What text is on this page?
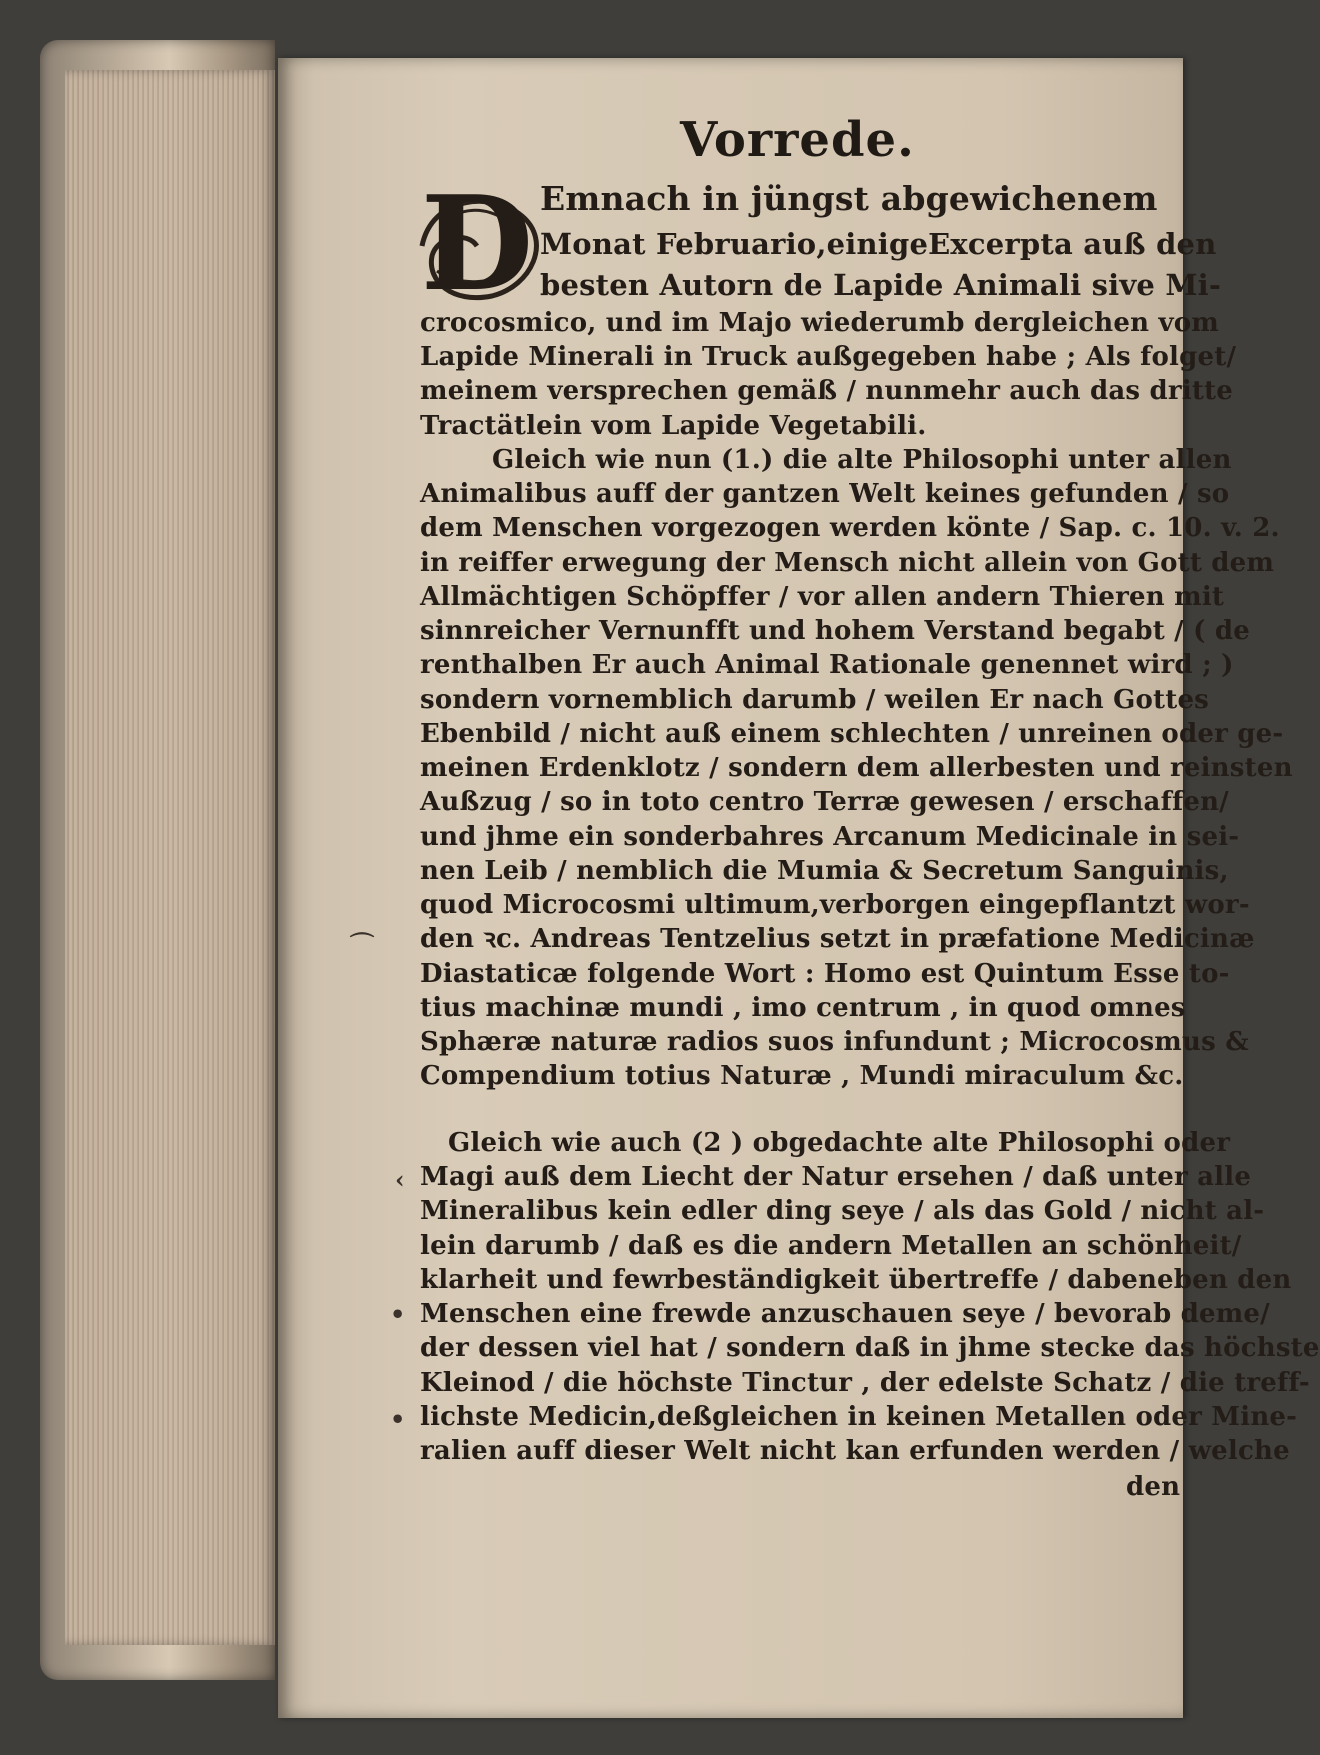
Vorrede.
D Emnach in jüngst abgewichenem

Monat Februario,einigeExcerpta auß den

besten Autorn de Lapide Animali sive Mi-

crocosmico, und im Majo wiederumb dergleichen vom

Lapide Minerali in Truck außgegeben habe ; Als folget/

meinem versprechen gemäß / nunmehr auch das dritte

Tractätlein vom Lapide Vegetabili.

Gleich wie nun (1.) die alte Philosophi unter allen

Animalibus auff der gantzen Welt keines gefunden / so

dem Menschen vorgezogen werden könte / Sap. c. 10. v. 2.

in reiffer erwegung der Mensch nicht allein von Gott dem

Allmächtigen Schöpffer / vor allen andern Thieren mit

sinnreicher Vernunfft und hohem Verstand begabt / ( de

renthalben Er auch Animal Rationale genennet wird ; )

sondern vornemblich darumb / weilen Er nach Gottes

Ebenbild / nicht auß einem schlechten / unreinen oder ge-

meinen Erdenklotz / sondern dem allerbesten und reinsten

Außzug / so in toto centro Terræ gewesen / erschaffen/

und jhme ein sonderbahres Arcanum Medicinale in sei-

nen Leib / nemblich die Mumia & Secretum Sanguinis,

quod Microcosmi ultimum,verborgen eingepflantzt wor-

den ꝛc. Andreas Tentzelius setzt in præfatione Medicinæ

Diastaticæ folgende Wort : Homo est Quintum Esse to-

tius machinæ mundi , imo centrum , in quod omnes

Sphæræ naturæ radios suos infundunt ; Microcosmus &

Compendium totius Naturæ , Mundi miraculum &c.

Gleich wie auch (2 ) obgedachte alte Philosophi oder

Magi auß dem Liecht der Natur ersehen / daß unter alle

Mineralibus kein edler ding seye / als das Gold / nicht al-

lein darumb / daß es die andern Metallen an schönheit/

klarheit und fewrbeständigkeit übertreffe / dabeneben den

Menschen eine frewde anzuschauen seye / bevorab deme/

der dessen viel hat / sondern daß in jhme stecke das höchste

Kleinod / die höchste Tinctur , der edelste Schatz / die treff-

lichste Medicin,deßgleichen in keinen Metallen oder Mine-

ralien auff dieser Welt nicht kan erfunden werden / welche

den

⌒
‹
•
•
